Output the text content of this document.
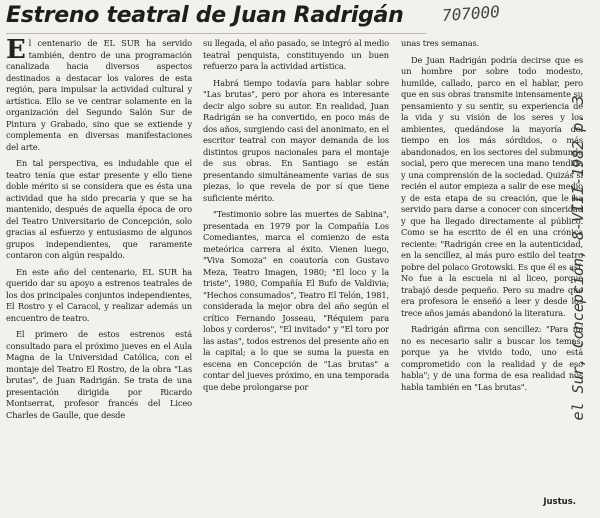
Estreno teatral de Juan Radrigán	707000

El centenario de EL SUR ha servido también, dentro de una programación canalizada hacia diversos aspectos destinados a destacar los valores de esta región, para impulsar la actividad cultural y artística. Ello se ve centrar solamente en la organización del Segundo Salón Sur de Pintura y Grabado, sino que se extiende y complementa en diversas manifestaciones del arte.

En tal perspectiva, es indudable que el teatro tenía que estar presente y ello tiene doble mérito si se considera que es ésta una actividad que ha sido precaria y que se ha mantenido, después de aquella época de oro del Teatro Universitario de Concepción, solo gracias al esfuerzo y entusiasmo de algunos grupos independientes, que raramente contaron con algún respaldo.

En este año del centenario, EL SUR ha querido dar su apoyo a estrenos teatrales de los dos principales conjuntos independientes, El Rostro y el Caracol, y realizar además un encuentro de teatro.

El primero de estos estrenos está consultado para el próximo jueves en el Aula Magna de la Universidad Católica, con el montaje del Teatro El Rostro, de la obra "Las brutas", de Juan Radrigán. Se trata de una presentación dirigida por Ricardo Montserrat, profesor francés del Liceo Charles de Gaulle, que desde

su llegada, el año pasado, se integró al medio teatral penquista, constituyendo un buen refuerzo para la actividad artística.

Habrá tiempo todavía para hablar sobre "Las brutas", pero por ahora es interesante decir algo sobre su autor. En realidad, Juan Radrigán se ha convertido, en poco más de dos años, surgiendo casi del anonimato, en el escritor teatral con mayor demanda de los distintos grupos nacionales para el montaje de sus obras. En Santiago se están presentando simultáneamente varias de sus piezas, lo que revela de por sí que tiene suficiente mérito.

"Testimonio sobre las muertes de Sabina", presentada en 1979 por la Compañía Los Comediantes, marca el comienzo de esta meteórica carrera al éxito. Vienen luego, "Viva Somoza" en coautoría con Gustavo Meza, Teatro Imagen, 1980; "El loco y la triste", 1980, Compañía El Bufo de Valdivia; "Hechos consumados", Teatro El Telón, 1981, considerada la mejor obra del año según el crítico Fernando Josseau, "Réquiem para lobos y corderos", "El invitado" y "El toro por las astas", todos estrenos del presente año en la capital; a lo que se suma la puesta en escena en Concepción de "Las brutas" a contar del jueves próximo, en una temporada que debe prolongarse por

unas tres semanas.

De Juan Radrigán podría decirse que es un hombre por sobre todo modesto, humilde, callado, parco en el hablar, pero que en sus obras transmite intensamente su pensamiento y su sentir, su experiencia de la vida y su visión de los seres y los ambientes, quedándose la mayoría del tiempo en los más sórdidos, o más abandonados, en los sectores del submundo social, pero que merecen una mano tendida y una comprensión de la sociedad. Quizás si recién el autor empieza a salir de ese medio y de esta etapa de su creación, que le ha servido para darse a conocer con sinceridad y que ha llegado directamente al público. Como se ha escrito de él en una crónica reciente: "Radrigán cree en la autenticidad, en la sencillez, al más puro estilo del teatro pobre del polaco Grotowski. Es que él es así. No fue a la escuela ni al liceo, porque trabajó desde pequeño. Pero su madre que era profesora le enseñó a leer y desde los trece años jamás abandonó la literatura.

Radrigán afirma con sencillez: "Para mí no es necesario salir a buscar los temas, porque ya he vivido todo, uno está comprometido con la realidad y de eso habla"; y de una forma de esa realidad nos habla también en "Las brutas".

Justus.
el Sur, Concepción, 8-VIII-1982 p. 3
